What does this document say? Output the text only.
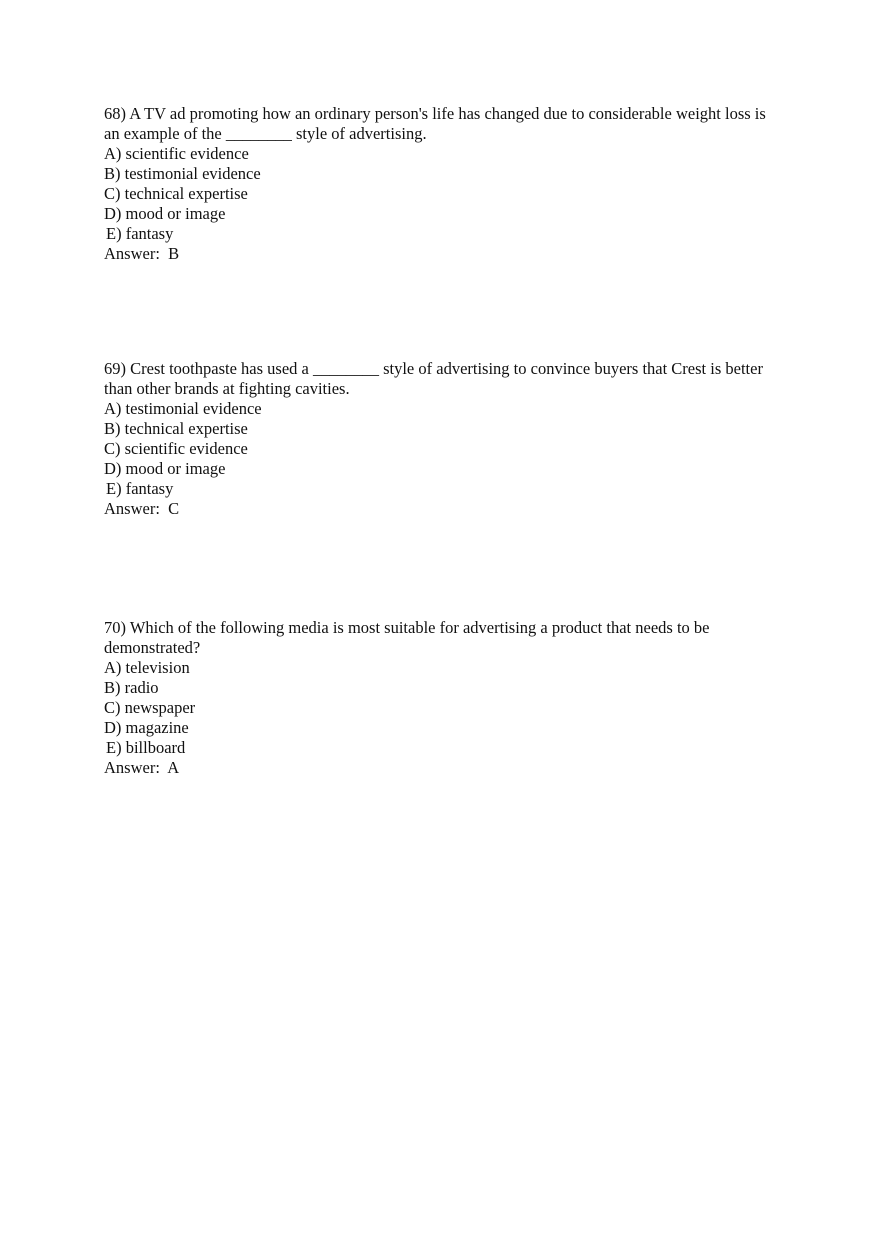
68) A TV ad promoting how an ordinary person's life has changed due to considerable weight loss is an example of the ________ style of advertising.

A) scientific evidence

B) testimonial evidence

C) technical expertise

D) mood or image

E) fantasy

Answer:  B

69) Crest toothpaste has used a ________ style of advertising to convince buyers that Crest is better than other brands at fighting cavities.

A) testimonial evidence

B) technical expertise

C) scientific evidence

D) mood or image

E) fantasy

Answer:  C

70) Which of the following media is most suitable for advertising a product that needs to be demonstrated?

A) television

B) radio

C) newspaper

D) magazine

E) billboard

Answer:  A
